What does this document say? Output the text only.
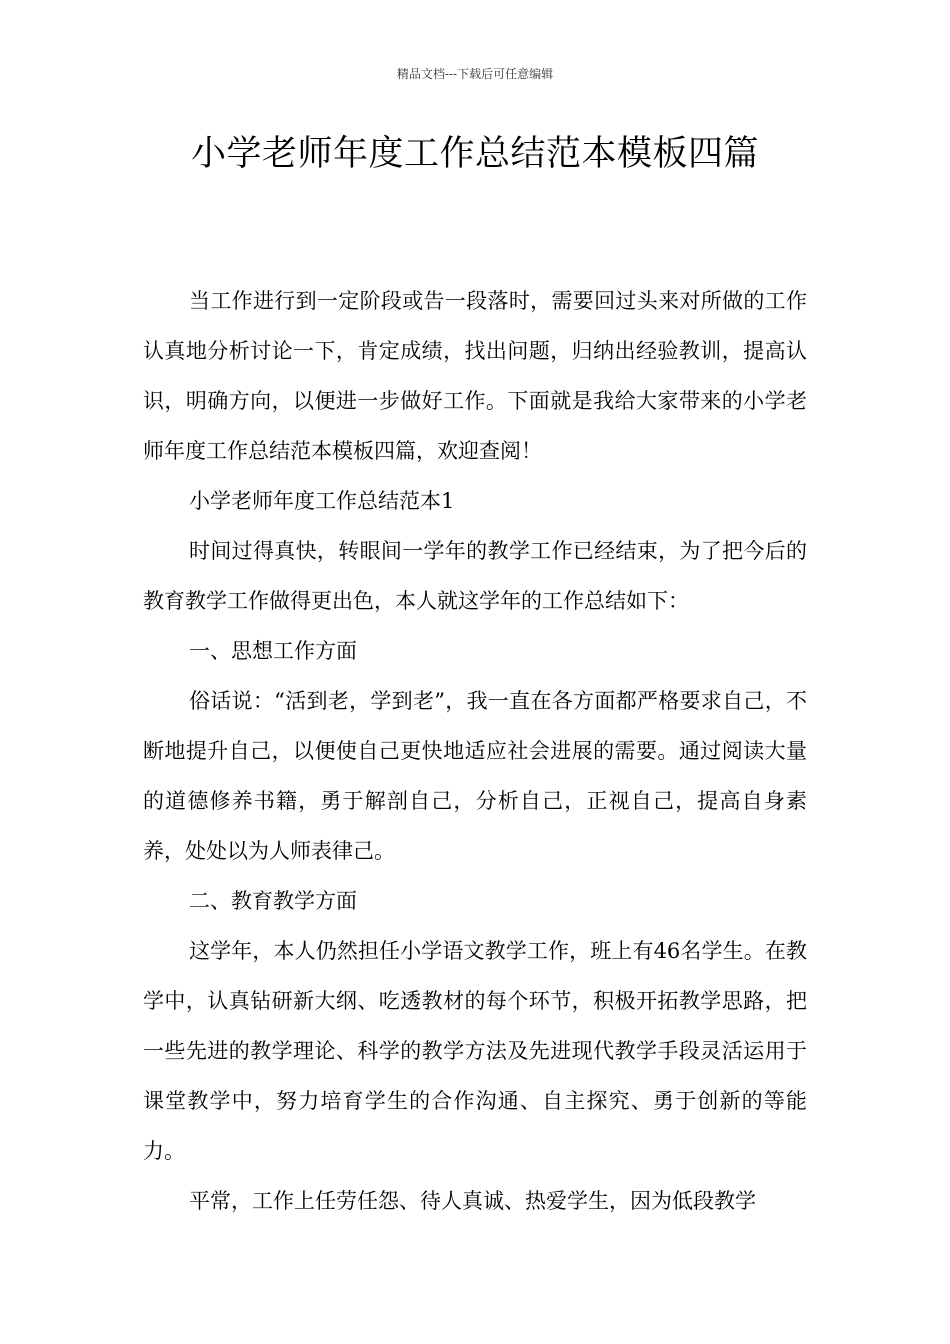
精品文档---下载后可任意编辑
小学老师年度工作总结范本模板四篇

当工作进行到一定阶段或告一段落时，需要回过头来对所做的工作认真地分析讨论一下，肯定成绩，找出问题，归纳出经验教训，提高认识，明确方向，以便进一步做好工作。下面就是我给大家带来的小学老师年度工作总结范本模板四篇，欢迎查阅！

小学老师年度工作总结范本1

时间过得真快，转眼间一学年的教学工作已经结束，为了把今后的教育教学工作做得更出色，本人就这学年的工作总结如下：

一、思想工作方面

俗话说：“活到老，学到老”，我一直在各方面都严格要求自己，不断地提升自己，以便使自己更快地适应社会进展的需要。通过阅读大量的道德修养书籍，勇于解剖自己，分析自己，正视自己，提高自身素养，处处以为人师表律己。

二、教育教学方面

这学年，本人仍然担任小学语文教学工作，班上有46名学生。在教学中，认真钻研新大纲、吃透教材的每个环节，积极开拓教学思路，把一些先进的教学理论、科学的教学方法及先进现代教学手段灵活运用于课堂教学中，努力培育学生的合作沟通、自主探究、勇于创新的等能力。

平常，工作上任劳任怨、待人真诚、热爱学生，因为低段教学
